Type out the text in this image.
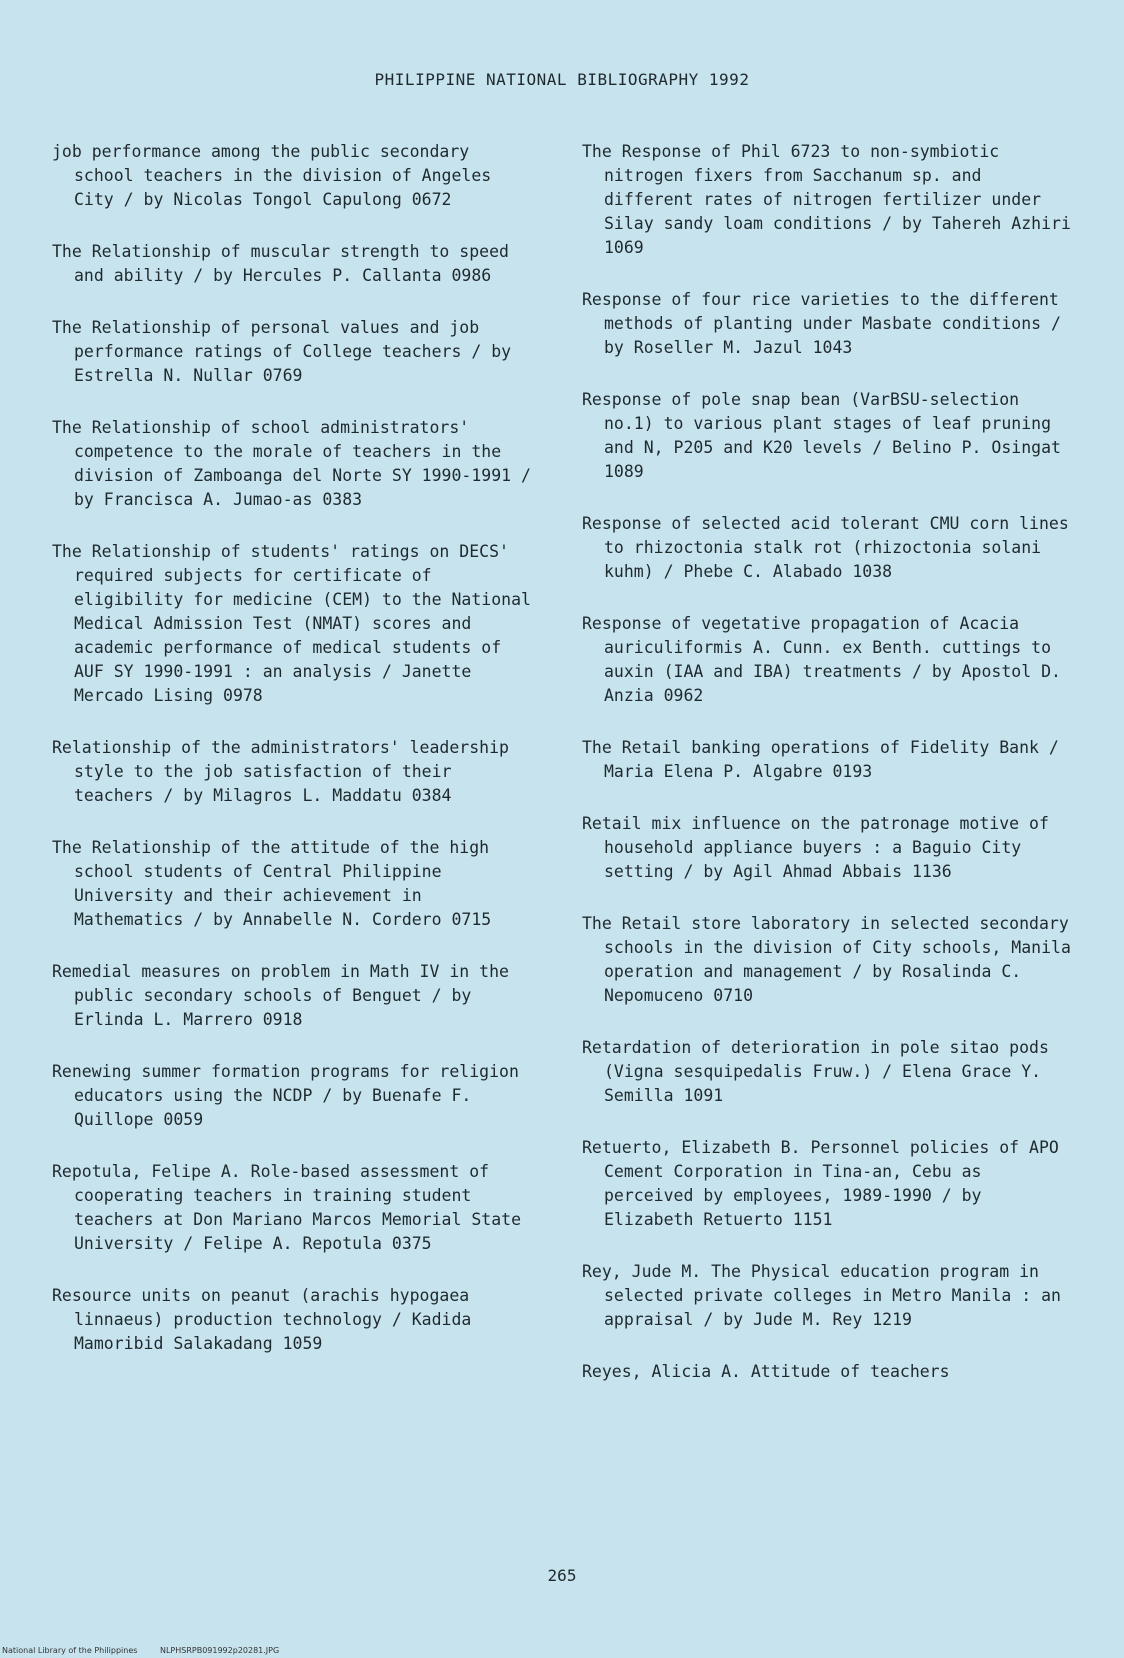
PHILIPPINE NATIONAL BIBLIOGRAPHY 1992

job performance among the public secondary school teachers in the division of Angeles City / by Nicolas Tongol Capulong 0672

The Relationship of muscular strength to speed and ability / by Hercules P. Callanta 0986

The Relationship of personal values and job performance ratings of College teachers / by Estrella N. Nullar 0769

The Relationship of school administrators' competence to the morale of teachers in the division of Zamboanga del Norte SY 1990-1991 / by Francisca A. Jumao-as 0383

The Relationship of students' ratings on DECS' required subjects for certificate of eligibility for medicine (CEM) to the National Medical Admission Test (NMAT) scores and academic performance of medical students of AUF SY 1990-1991 : an analysis / Janette Mercado Lising 0978

Relationship of the administrators' leadership style to the job satisfaction of their teachers / by Milagros L. Maddatu 0384

The Relationship of the attitude of the high school students of Central Philippine University and their achievement in Mathematics / by Annabelle N. Cordero 0715

Remedial measures on problem in Math IV in the public secondary schools of Benguet / by Erlinda L. Marrero 0918

Renewing summer formation programs for religion educators using the NCDP / by Buenafe F. Quillope 0059

Repotula, Felipe A. Role-based assessment of cooperating teachers in training student teachers at Don Mariano Marcos Memorial State University / Felipe A. Repotula 0375

Resource units on peanut (arachis hypogaea linnaeus) production technology / Kadida Mamoribid Salakadang 1059

The Response of Phil 6723 to non-symbiotic nitrogen fixers from Sacchanum sp. and different rates of nitrogen fertilizer under Silay sandy loam conditions / by Tahereh Azhiri 1069

Response of four rice varieties to the different methods of planting under Masbate conditions / by Roseller M. Jazul 1043

Response of pole snap bean (VarBSU-selection no.1) to various plant stages of leaf pruning and N, P205 and K20 levels / Belino P. Osingat 1089

Response of selected acid tolerant CMU corn lines to rhizoctonia stalk rot (rhizoctonia solani kuhm) / Phebe C. Alabado 1038

Response of vegetative propagation of Acacia auriculiformis A. Cunn. ex Benth. cuttings to auxin (IAA and IBA) treatments / by Apostol D. Anzia 0962

The Retail banking operations of Fidelity Bank / Maria Elena P. Algabre 0193

Retail mix influence on the patronage motive of household appliance buyers : a Baguio City setting / by Agil Ahmad Abbais 1136

The Retail store laboratory in selected secondary schools in the division of City schools, Manila operation and management / by Rosalinda C. Nepomuceno 0710

Retardation of deterioration in pole sitao pods (Vigna sesquipedalis Fruw.) / Elena Grace Y. Semilla 1091

Retuerto, Elizabeth B. Personnel policies of APO Cement Corporation in Tina-an, Cebu as perceived by employees, 1989-1990 / by Elizabeth Retuerto 1151

Rey, Jude M. The Physical education program in selected private colleges in Metro Manila : an appraisal / by Jude M. Rey 1219

Reyes, Alicia A. Attitude of teachers

265
National Library of the Philippines	NLPHSRPB091992p20281.JPG
